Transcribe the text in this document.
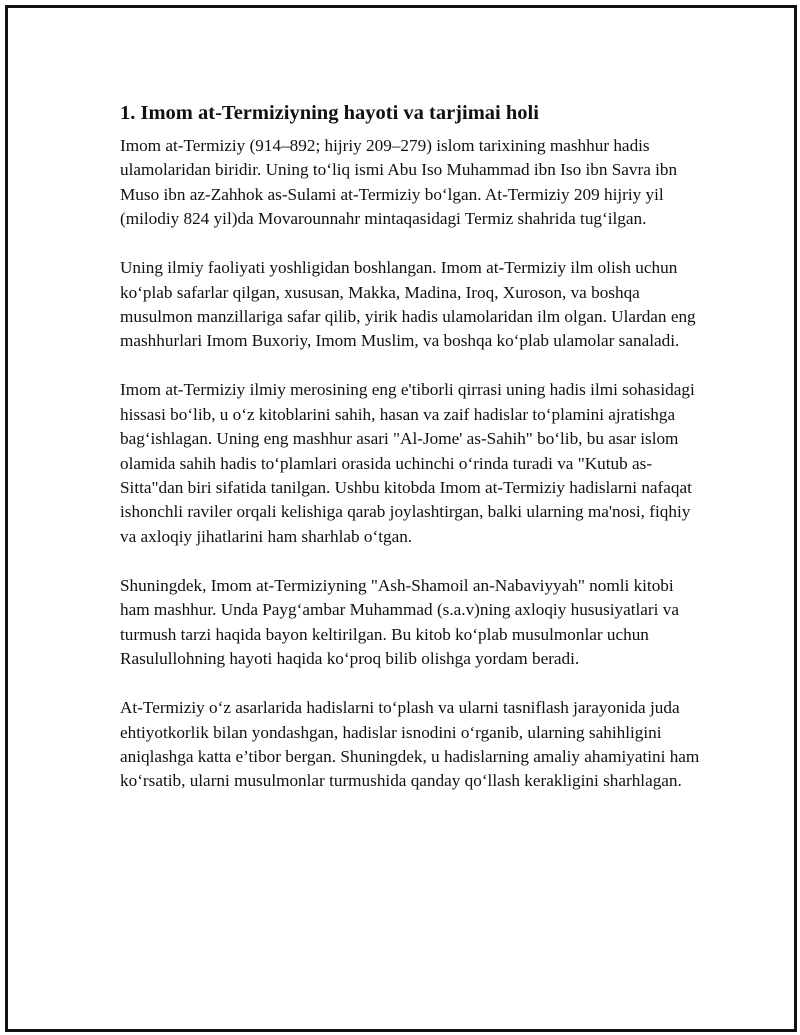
1. Imom at-Termiziyning hayoti va tarjimai holi

Imom at-Termiziy (914–892; hijriy 209–279) islom tarixining mashhur hadis ulamolaridan biridir. Uning to‘liq ismi Abu Iso Muhammad ibn Iso ibn Savra ibn Muso ibn az-Zahhok as-Sulami at-Termiziy bo‘lgan. At-Termiziy 209 hijriy yil (milodiy 824 yil)da Movarounnahr mintaqasidagi Termiz shahrida tug‘ilgan.

Uning ilmiy faoliyati yoshligidan boshlangan. Imom at-Termiziy ilm olish uchun ko‘plab safarlar qilgan, xususan, Makka, Madina, Iroq, Xuroson, va boshqa musulmon manzillariga safar qilib, yirik hadis ulamolaridan ilm olgan. Ulardan eng mashhurlari Imom Buxoriy, Imom Muslim, va boshqa ko‘plab ulamolar sanaladi.

Imom at-Termiziy ilmiy merosining eng e'tiborli qirrasi uning hadis ilmi sohasidagi hissasi bo‘lib, u o‘z kitoblarini sahih, hasan va zaif hadislar to‘plamini ajratishga bag‘ishlagan. Uning eng mashhur asari "Al-Jome' as-Sahih" bo‘lib, bu asar islom olamida sahih hadis to‘plamlari orasida uchinchi o‘rinda turadi va "Kutub as-Sitta"dan biri sifatida tanilgan. Ushbu kitobda Imom at-Termiziy hadislarni nafaqat ishonchli raviler orqali kelishiga qarab joylashtirgan, balki ularning ma'nosi, fiqhiy va axloqiy jihatlarini ham sharhlab o‘tgan.

Shuningdek, Imom at-Termiziyning "Ash-Shamoil an-Nabaviyyah" nomli kitobi ham mashhur. Unda Payg‘ambar Muhammad (s.a.v)ning axloqiy hususiyatlari va turmush tarzi haqida bayon keltirilgan. Bu kitob ko‘plab musulmonlar uchun Rasulullohning hayoti haqida ko‘proq bilib olishga yordam beradi.

At-Termiziy o‘z asarlarida hadislarni to‘plash va ularni tasniflash jarayonida juda ehtiyotkorlik bilan yondashgan, hadislar isnodini o‘rganib, ularning sahihligini aniqlashga katta e’tibor bergan. Shuningdek, u hadislarning amaliy ahamiyatini ham ko‘rsatib, ularni musulmonlar turmushida qanday qo‘llash kerakligini sharhlagan.
